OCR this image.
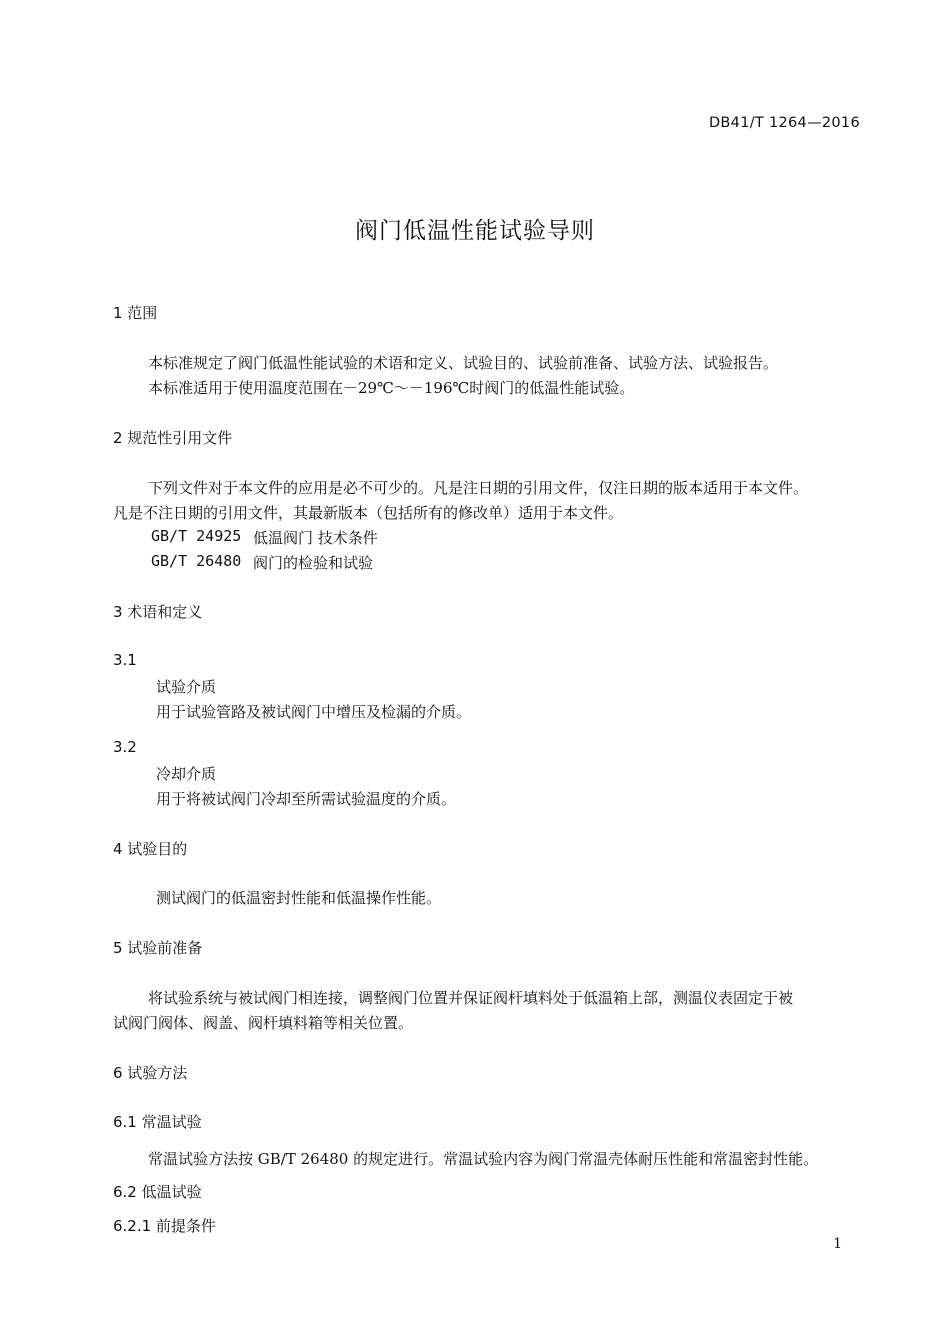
DB41/T 1264—2016
阀门低温性能试验导则
1 范围
本标准规定了阀门低温性能试验的术语和定义、试验目的、试验前准备、试验方法、试验报告。
本标准适用于使用温度范围在－29℃～－196℃时阀门的低温性能试验。
2 规范性引用文件
下列文件对于本文件的应用是必不可少的。凡是注日期的引用文件，仅注日期的版本适用于本文件。
凡是不注日期的引用文件，其最新版本（包括所有的修改单）适用于本文件。
GB/T 24925 低温阀门 技术条件
GB/T 26480 阀门的检验和试验
3 术语和定义
3.1
试验介质
用于试验管路及被试阀门中增压及检漏的介质。
3.2
冷却介质
用于将被试阀门冷却至所需试验温度的介质。
4 试验目的
测试阀门的低温密封性能和低温操作性能。
5 试验前准备
将试验系统与被试阀门相连接，调整阀门位置并保证阀杆填料处于低温箱上部，测温仪表固定于被
试阀门阀体、阀盖、阀杆填料箱等相关位置。
6 试验方法
6.1 常温试验
常温试验方法按 GB/T 26480 的规定进行。常温试验内容为阀门常温壳体耐压性能和常温密封性能。
6.2 低温试验
6.2.1 前提条件
1
